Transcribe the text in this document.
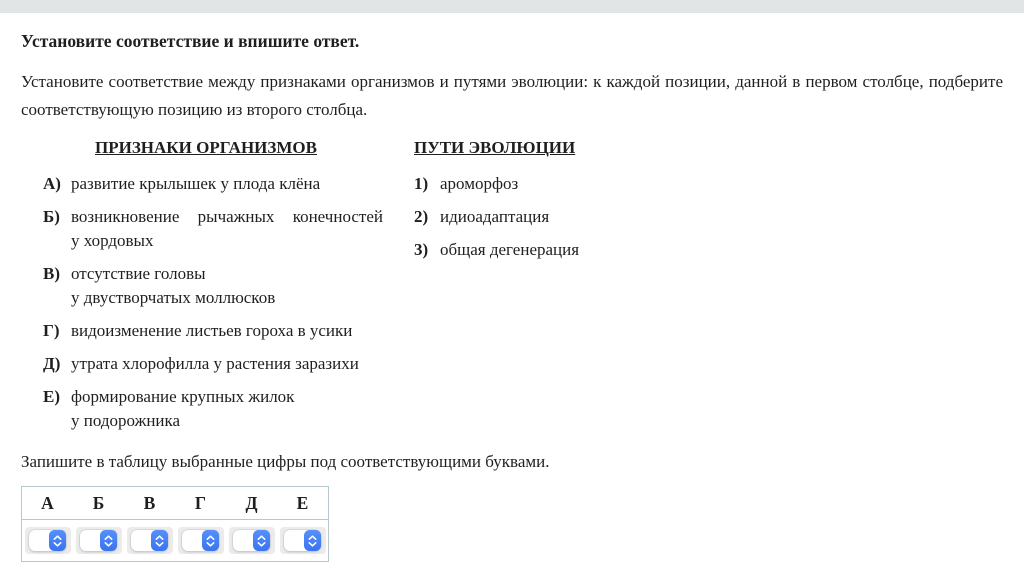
Установите соответствие и впишите ответ.
Установите соответствие между признаками организмов и путями эволюции: к каждой позиции, данной в первом столбце, подберите соответствующую позицию из второго столбца.
ПРИЗНАКИ ОРГАНИЗМОВ
А) развитие крылышек у плода клёна
Б) возникновение рычажных конечностей
у хордовых
В) отсутствие головы
у двустворчатых моллюсков
Г) видоизменение листьев гороха в усики
Д) утрата хлорофилла у растения заразихи
Е) формирование крупных жилок
у подорожника
ПУТИ ЭВОЛЮЦИИ
1) ароморфоз
2) идиоадаптация
3) общая дегенерация
Запишите в таблицу выбранные цифры под соответствующими буквами.
А	Б	В	Г	Д	Е
